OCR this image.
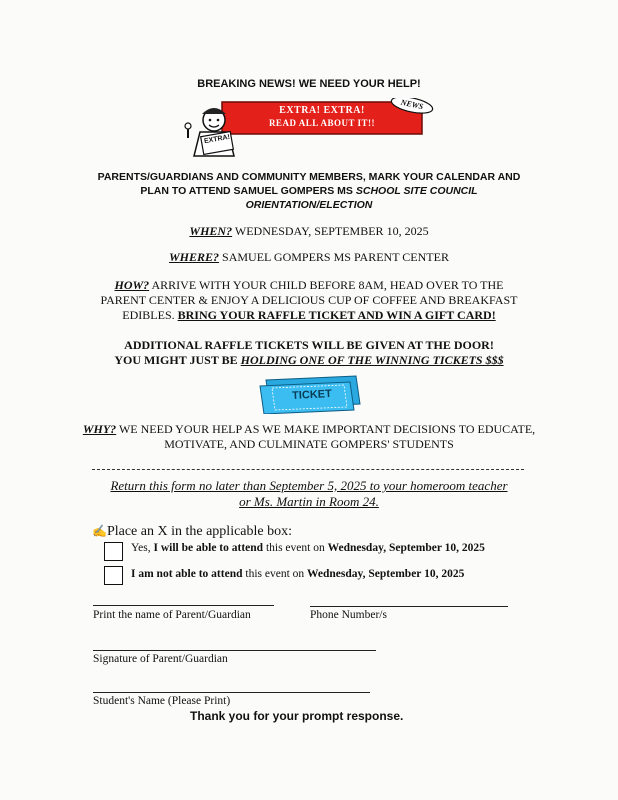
BREAKING NEWS! WE NEED YOUR HELP!
EXTRA! EXTRA!
READ ALL ABOUT IT!!
EXTRA!
NEWS
PARENTS/GUARDIANS AND COMMUNITY MEMBERS, MARK YOUR CALENDAR AND
PLAN TO ATTEND SAMUEL GOMPERS MS SCHOOL SITE COUNCIL
ORIENTATION/ELECTION
WHEN? WEDNESDAY, SEPTEMBER 10, 2025
WHERE? SAMUEL GOMPERS MS PARENT CENTER
HOW? ARRIVE WITH YOUR CHILD BEFORE 8AM, HEAD OVER TO THE
PARENT CENTER & ENJOY A DELICIOUS CUP OF COFFEE AND BREAKFAST
EDIBLES. BRING YOUR RAFFLE TICKET AND WIN A GIFT CARD!
ADDITIONAL RAFFLE TICKETS WILL BE GIVEN AT THE DOOR!
YOU MIGHT JUST BE HOLDING ONE OF THE WINNING TICKETS $$$
TICKET
WHY? WE NEED YOUR HELP AS WE MAKE IMPORTANT DECISIONS TO EDUCATE,
MOTIVATE, AND CULMINATE GOMPERS' STUDENTS
Return this form no later than September 5, 2025 to your homeroom teacher
or Ms. Martin in Room 24.
✍Place an X in the applicable box:
Yes, I will be able to attend this event on Wednesday, September 10, 2025
I am not able to attend this event on Wednesday, September 10, 2025
Print the name of Parent/Guardian	Phone Number/s
Signature of Parent/Guardian
Student's Name (Please Print)
Thank you for your prompt response.
